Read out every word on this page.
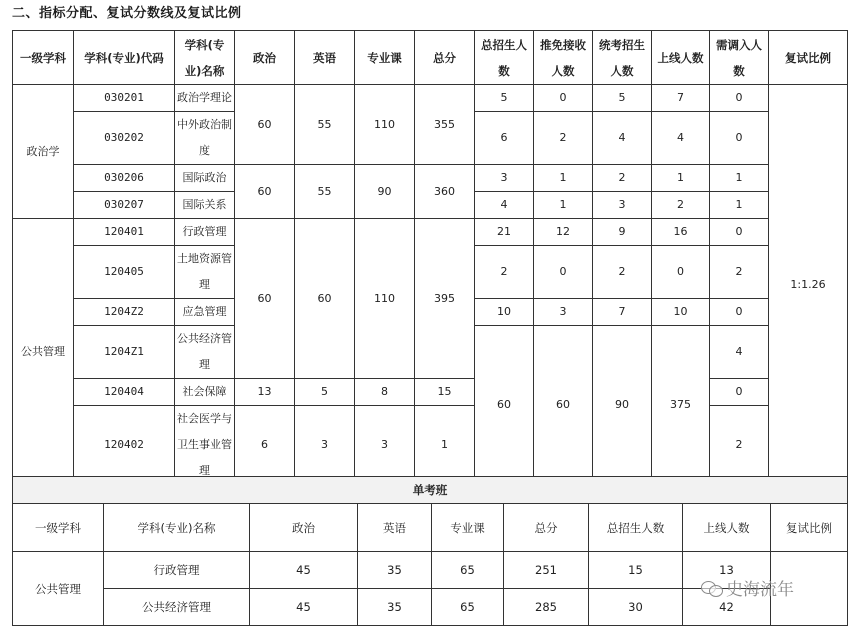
二、指标分配、复试分数线及复试比例
一级学科	学科(专业)代码	学科(专业)名称	政治	英语	专业课	总分	总招生人数	推免接收人数	统考招生人数	上线人数	需调入人数	复试比例	
政治学	030201	政治学理论	60	55	110	355	5	0	5	7	0	1:1.26	
	030202	中外政治制度					6	2	4	4	0		
	030206	国际政治	60	55	90	360	3	1	2	1	1		
	030207	国际关系					4	1	3	2	1		
公共管理	120401	行政管理	60	60	110	395	21	12	9	16	0		
	120405	土地资源管理					2	0	2	0	2		
	1204Z2	应急管理					10	3	7	10	0		
	1204Z1	公共经济管理					60	60	90	375	4				
	120404	社会保障	13	5	8	15					0		
	120402	社会医学与卫生事业管理	6	3	3	1					2		
单考班								
一级学科	学科(专业)名称	政治	英语	专业课	总分	总招生人数	上线人数	复试比例
公共管理	行政管理	45	35	65	251	15	13	
	公共经济管理	45	35	65	285	30	42	
史海流年
